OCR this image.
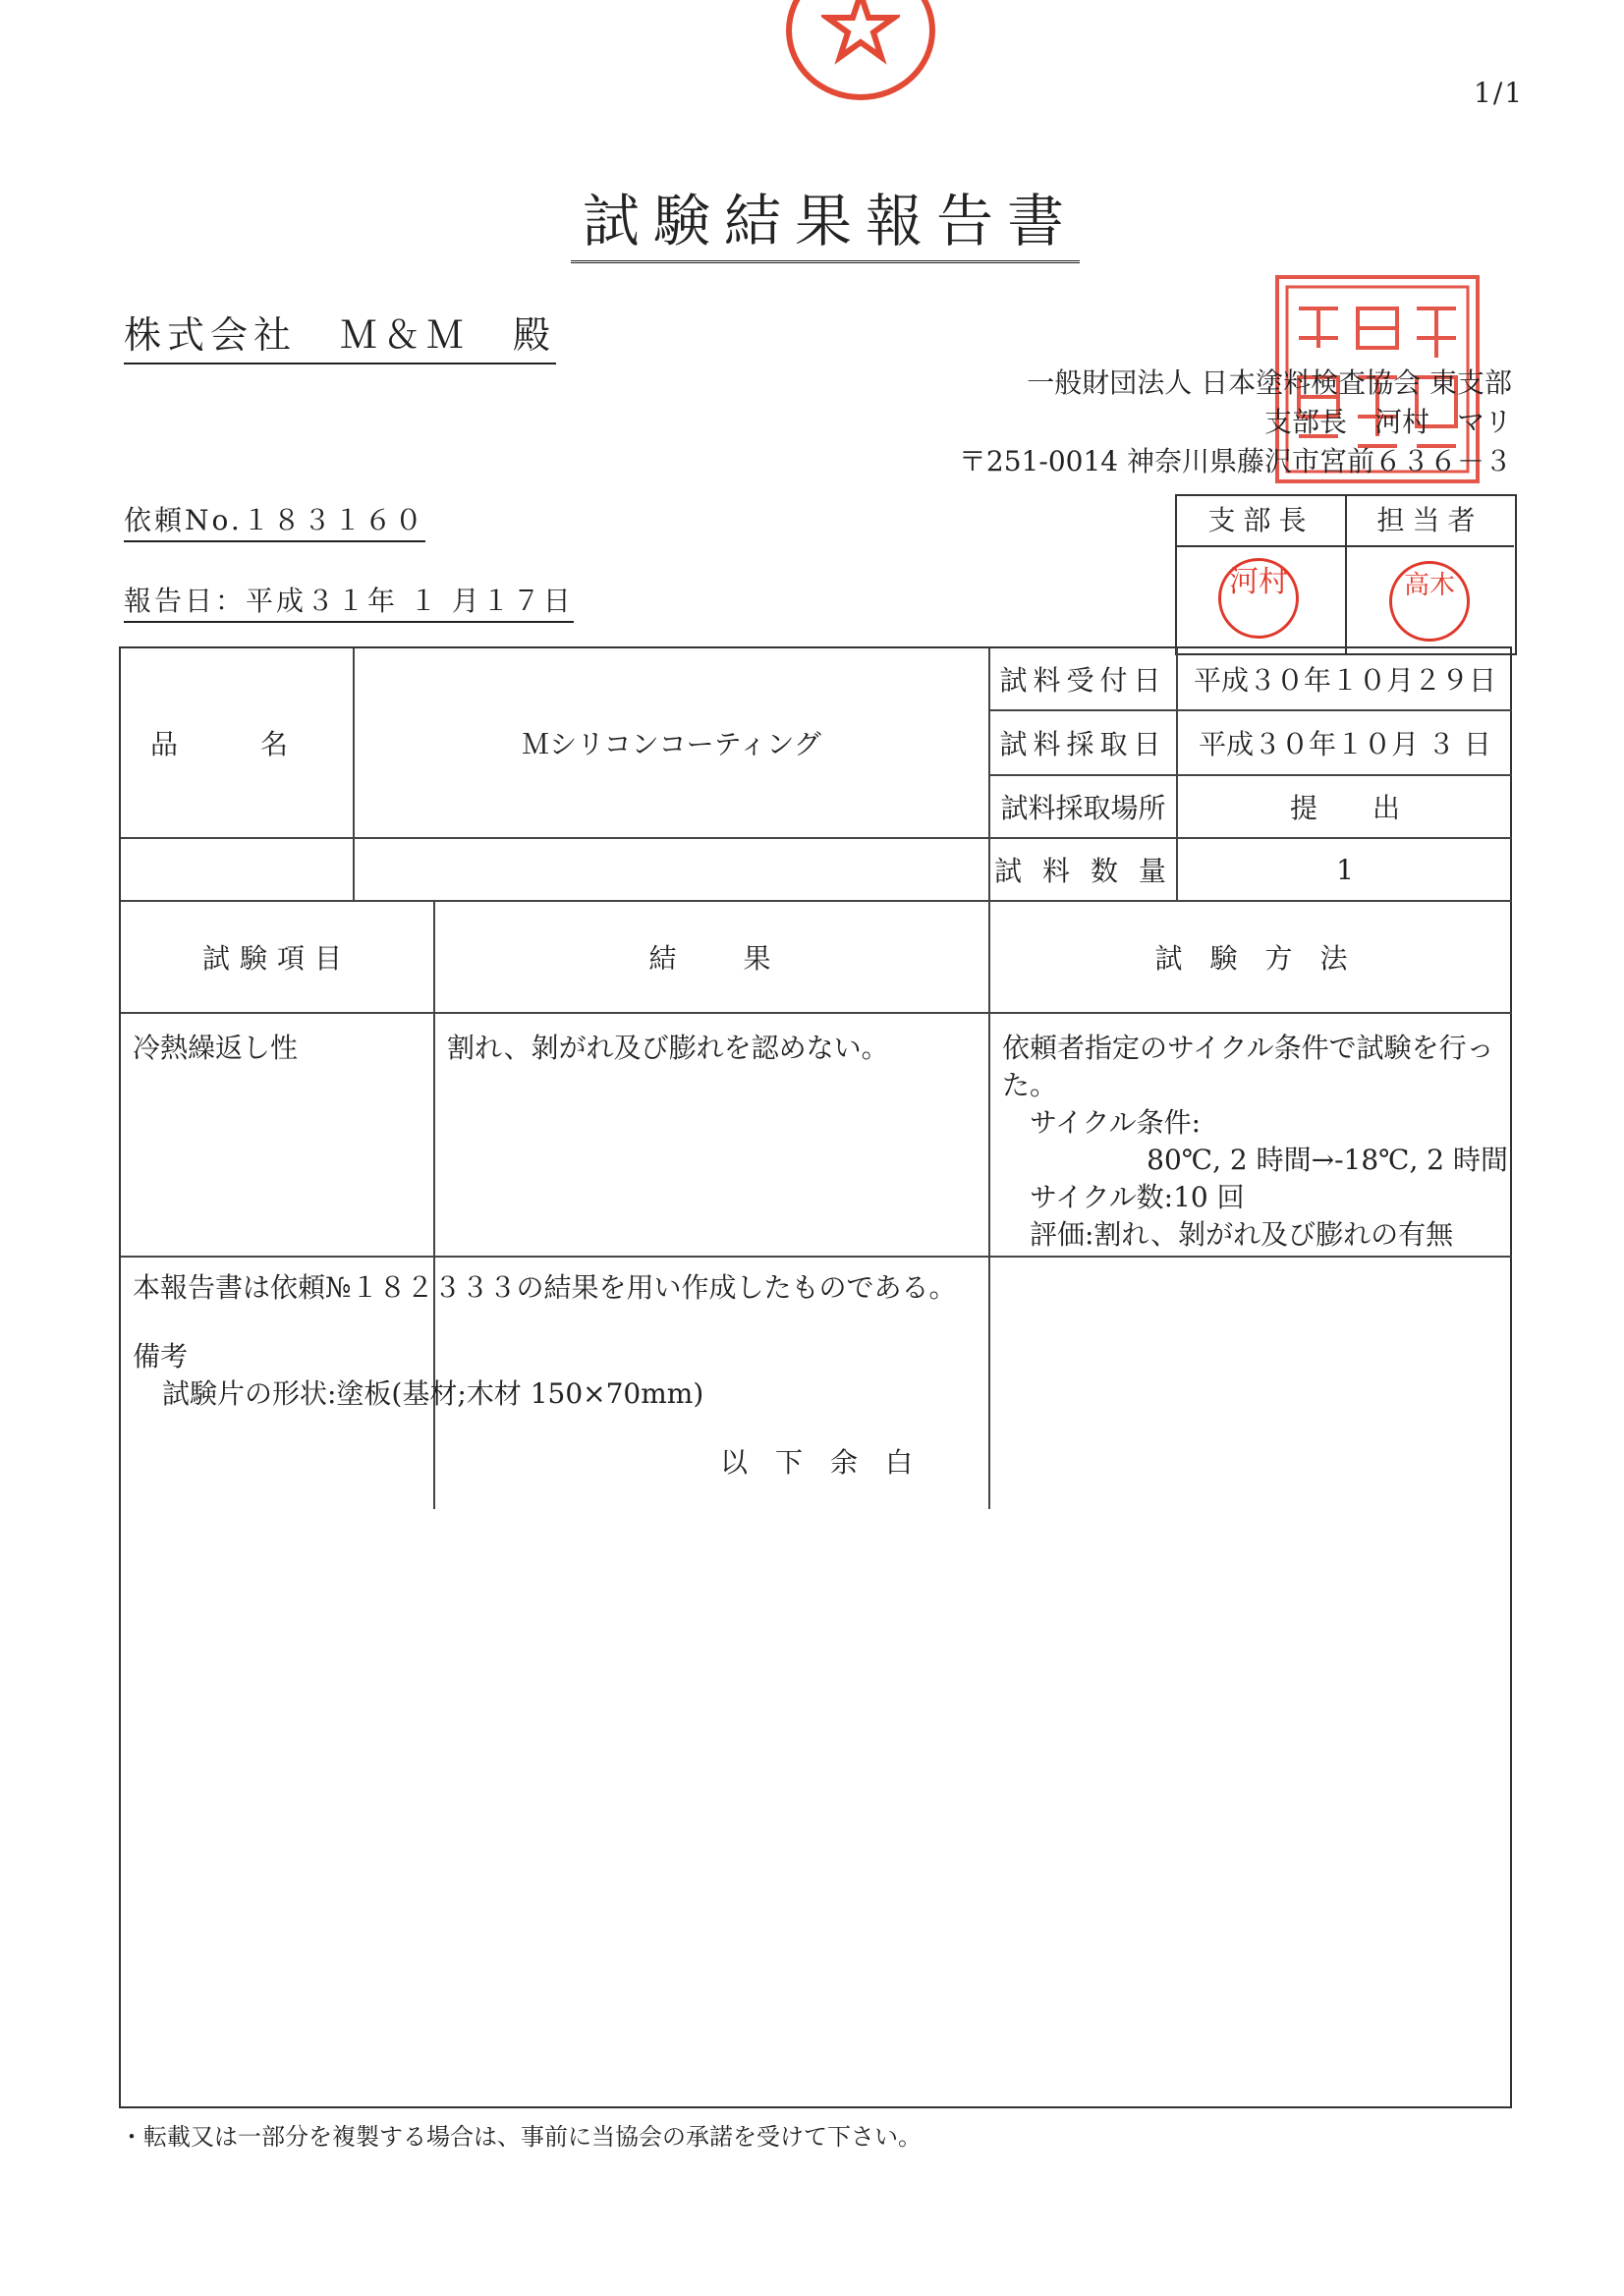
1/1
試験結果報告書
株式会社　Ｍ＆Ｍ　殿
一般財団法人 日本塗料検査協会 東支部
支部長　河村　マリ
〒251-0014 神奈川県藤沢市宮前６３６－３
依頼No.１８３１６０
報告日：平成３１年 １ 月１７日
支部長	担当者
河村	高木
品　　　名	Ｍシリコンコーティング
試料受付日 平成３０年１０月２９日
試料採取日	平成３０年１０月 ３ 日
試料採取場所	提　　出
試 料 数 量	1
試験項目	結　　果	試　験　方　法
冷熱繰返し性	割れ、剝がれ及び膨れを認めない。	依頼者指定のサイクル条件で試験を行っ
た。
サイクル条件:
80℃, 2 時間→-18℃, 2 時間
サイクル数:10 回
評価:割れ、剝がれ及び膨れの有無
本報告書は依頼№１８２３３３の結果を用い作成したものである。
備考
試験片の形状:塗板(基材;木材 150×70mm)
以　下　余　白
・転載又は一部分を複製する場合は、事前に当協会の承諾を受けて下さい。
